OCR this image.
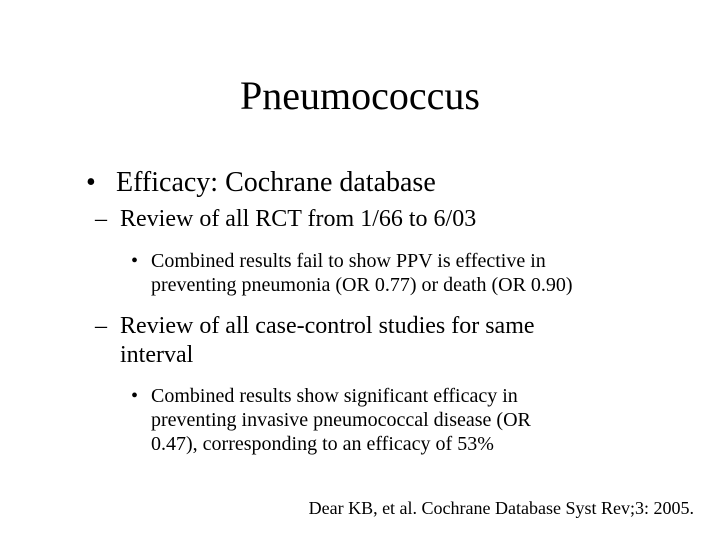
Pneumococcus
• Efficacy: Cochrane database
– Review of all RCT from 1/66 to 6/03
• Combined results fail to show PPV is effective in
preventing pneumonia (OR 0.77) or death (OR 0.90)
– Review of all case-control studies for same
interval
• Combined results show significant efficacy in
preventing invasive pneumococcal disease (OR
0.47), corresponding to an efficacy of 53%
Dear KB, et al. Cochrane Database Syst Rev;3: 2005.
